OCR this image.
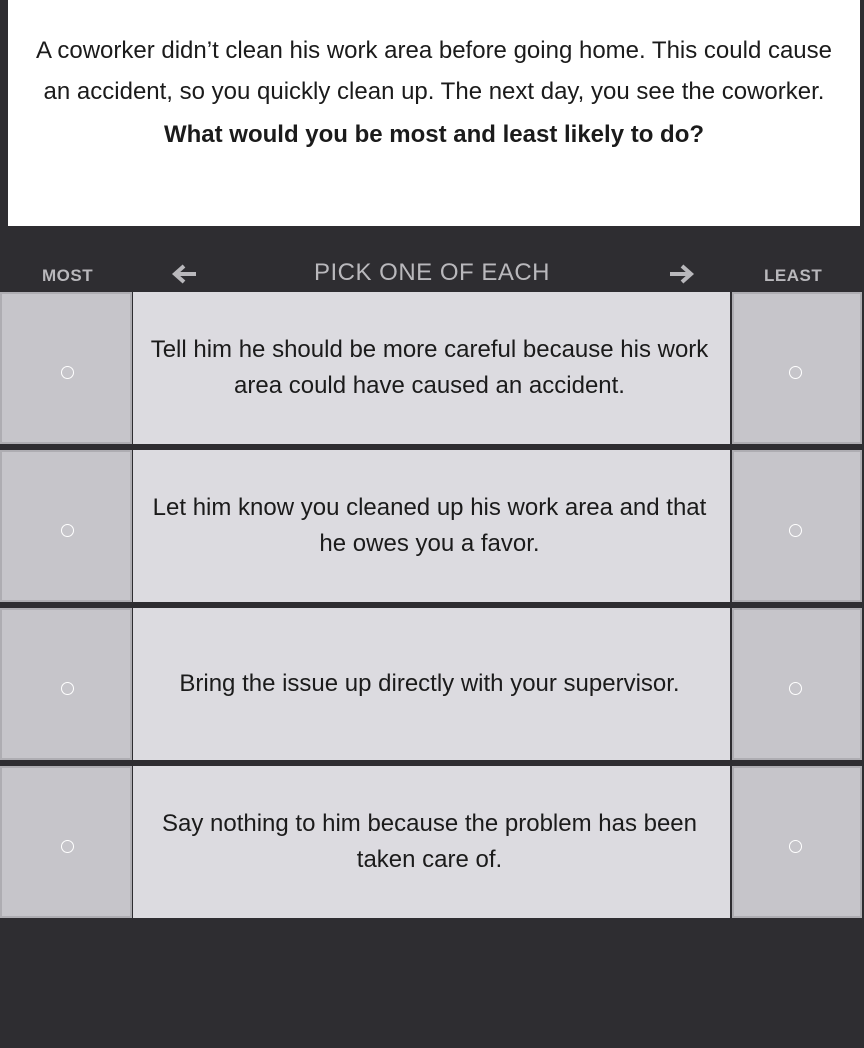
A coworker didn’t clean his work area before going home. This could cause an accident, so you quickly clean up. The next day, you see the coworker.
What would you be most and least likely to do?
MOST	PICK ONE OF EACH	LEAST
Tell him he should be more careful because his work area could have caused an accident.
Let him know you cleaned up his work area and that he owes you a favor.
Bring the issue up directly with your supervisor.
Say nothing to him because the problem has been taken care of.
